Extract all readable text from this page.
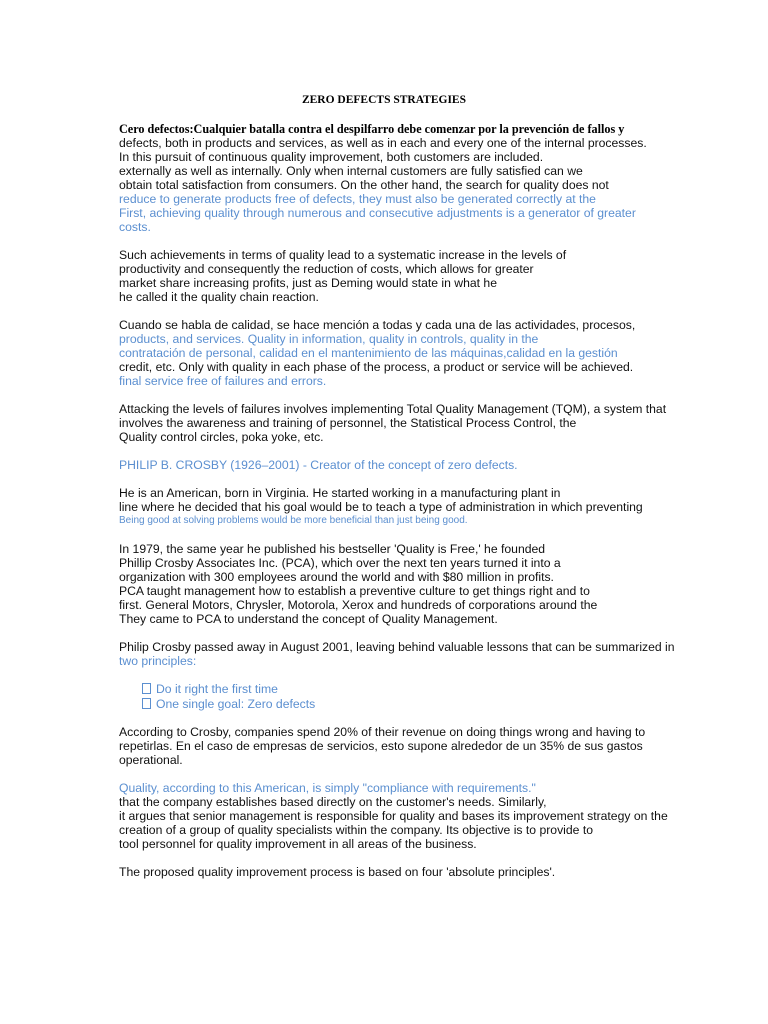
ZERO DEFECTS STRATEGIES

Cero defectos:Cualquier batalla contra el despilfarro debe comenzar por la prevención de fallos y

defects, both in products and services, as well as in each and every one of the internal processes.

In this pursuit of continuous quality improvement, both customers are included.

externally as well as internally. Only when internal customers are fully satisfied can we

obtain total satisfaction from consumers. On the other hand, the search for quality does not

reduce to generate products free of defects, they must also be generated correctly at the

First, achieving quality through numerous and consecutive adjustments is a generator of greater

costs.

Such achievements in terms of quality lead to a systematic increase in the levels of

productivity and consequently the reduction of costs, which allows for greater

market share increasing profits, just as Deming would state in what he

he called it the quality chain reaction.

Cuando se habla de calidad, se hace mención a todas y cada una de las actividades, procesos,

products, and services. Quality in information, quality in controls, quality in the

contratación de personal, calidad en el mantenimiento de las máquinas,calidad en la gestión

credit, etc. Only with quality in each phase of the process, a product or service will be achieved.

final service free of failures and errors.

Attacking the levels of failures involves implementing Total Quality Management (TQM), a system that

involves the awareness and training of personnel, the Statistical Process Control, the

Quality control circles, poka yoke, etc.

PHILIP B. CROSBY (1926–2001) - Creator of the concept of zero defects.

He is an American, born in Virginia. He started working in a manufacturing plant in

line where he decided that his goal would be to teach a type of administration in which preventing

Being good at solving problems would be more beneficial than just being good.

In 1979, the same year he published his bestseller 'Quality is Free,' he founded

Phillip Crosby Associates Inc. (PCA), which over the next ten years turned it into a

organization with 300 employees around the world and with $80 million in profits.

PCA taught management how to establish a preventive culture to get things right and to

first. General Motors, Chrysler, Motorola, Xerox and hundreds of corporations around the

They came to PCA to understand the concept of Quality Management.

Philip Crosby passed away in August 2001, leaving behind valuable lessons that can be summarized in

two principles:

Do it right the first time

One single goal: Zero defects

According to Crosby, companies spend 20% of their revenue on doing things wrong and having to

repetirlas. En el caso de empresas de servicios, esto supone alrededor de un 35% de sus gastos

operational.

Quality, according to this American, is simply "compliance with requirements."

that the company establishes based directly on the customer's needs. Similarly,

it argues that senior management is responsible for quality and bases its improvement strategy on the

creation of a group of quality specialists within the company. Its objective is to provide to

tool personnel for quality improvement in all areas of the business.

The proposed quality improvement process is based on four 'absolute principles'.
